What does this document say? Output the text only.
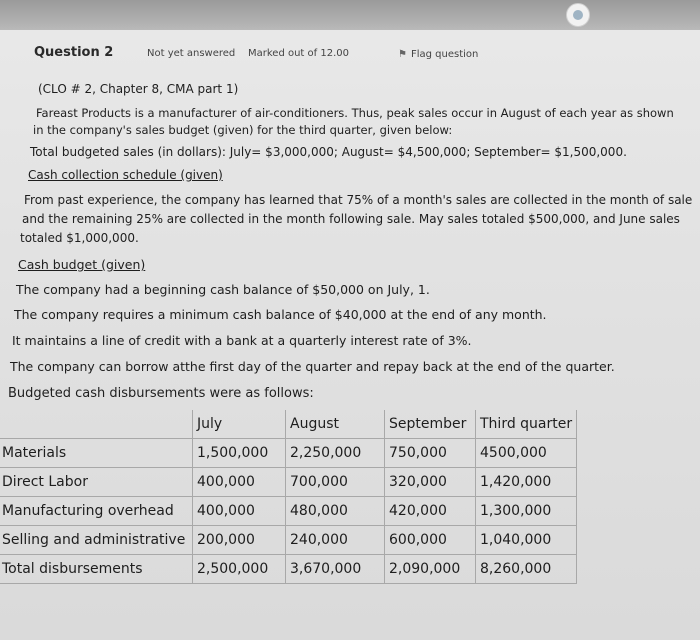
Question 2	Not yet answered Marked out of 12.00	⚑ Flag question
(CLO # 2, Chapter 8, CMA part 1)
Fareast Products is a manufacturer of air-conditioners. Thus, peak sales occur in August of each year as shown
in the company's sales budget (given) for the third quarter, given below:
Total budgeted sales (in dollars): July= $3,000,000; August= $4,500,000; September= $1,500,000.
Cash collection schedule (given)
From past experience, the company has learned that 75% of a month's sales are collected in the month of sale
and the remaining 25% are collected in the month following sale. May sales totaled $500,000, and June sales
totaled $1,000,000.
Cash budget (given)
The company had a beginning cash balance of $50,000 on July, 1.
The company requires a minimum cash balance of $40,000 at the end of any month.
It maintains a line of credit with a bank at a quarterly interest rate of 3%.
The company can borrow atthe first day of the quarter and repay back at the end of the quarter.
Budgeted cash disbursements were as follows:
	July	August	September	Third quarter
Materials	1,500,000	2,250,000	750,000	4500,000
Direct Labor	400,000	700,000	320,000	1,420,000
Manufacturing overhead	400,000	480,000	420,000	1,300,000
Selling and administrative	200,000	240,000	600,000	1,040,000
Total disbursements	2,500,000	3,670,000	2,090,000	8,260,000
